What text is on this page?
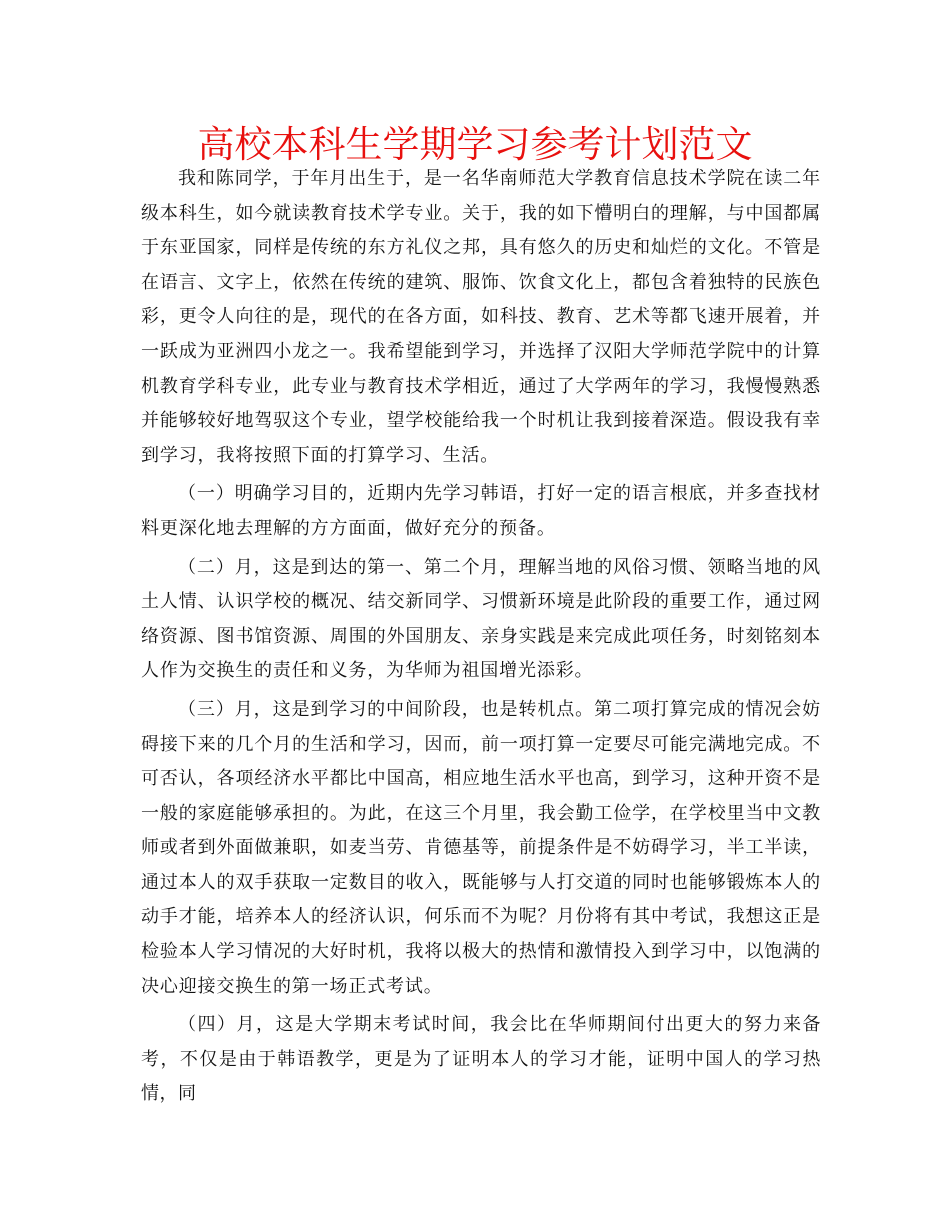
高校本科生学期学习参考计划范文

我和陈同学，于年月出生于，是一名华南师范大学教育信息技术学院在读二年级本科生，如今就读教育技术学专业。关于，我的如下懵明白的理解，与中国都属于东亚国家，同样是传统的东方礼仪之邦，具有悠久的历史和灿烂的文化。不管是在语言、文字上，依然在传统的建筑、服饰、饮食文化上，都包含着独特的民族色彩，更令人向往的是，现代的在各方面，如科技、教育、艺术等都飞速开展着，并一跃成为亚洲四小龙之一。我希望能到学习，并选择了汉阳大学师范学院中的计算机教育学科专业，此专业与教育技术学相近，通过了大学两年的学习，我慢慢熟悉并能够较好地驾驭这个专业，望学校能给我一个时机让我到接着深造。假设我有幸到学习，我将按照下面的打算学习、生活。

（一）明确学习目的，近期内先学习韩语，打好一定的语言根底，并多查找材料更深化地去理解的方方面面，做好充分的预备。

（二）月，这是到达的第一、第二个月，理解当地的风俗习惯、领略当地的风土人情、认识学校的概况、结交新同学、习惯新环境是此阶段的重要工作，通过网络资源、图书馆资源、周围的外国朋友、亲身实践是来完成此项任务，时刻铭刻本人作为交换生的责任和义务，为华师为祖国增光添彩。

（三）月，这是到学习的中间阶段，也是转机点。第二项打算完成的情况会妨碍接下来的几个月的生活和学习，因而，前一项打算一定要尽可能完满地完成。不可否认，各项经济水平都比中国高，相应地生活水平也高，到学习，这种开资不是一般的家庭能够承担的。为此，在这三个月里，我会勤工俭学，在学校里当中文教师或者到外面做兼职，如麦当劳、肯德基等，前提条件是不妨碍学习，半工半读，通过本人的双手获取一定数目的收入，既能够与人打交道的同时也能够锻炼本人的动手才能，培养本人的经济认识，何乐而不为呢？月份将有其中考试，我想这正是检验本人学习情况的大好时机，我将以极大的热情和激情投入到学习中，以饱满的决心迎接交换生的第一场正式考试。

（四）月，这是大学期末考试时间，我会比在华师期间付出更大的努力来备考，不仅是由于韩语教学，更是为了证明本人的学习才能，证明中国人的学习热情，同
